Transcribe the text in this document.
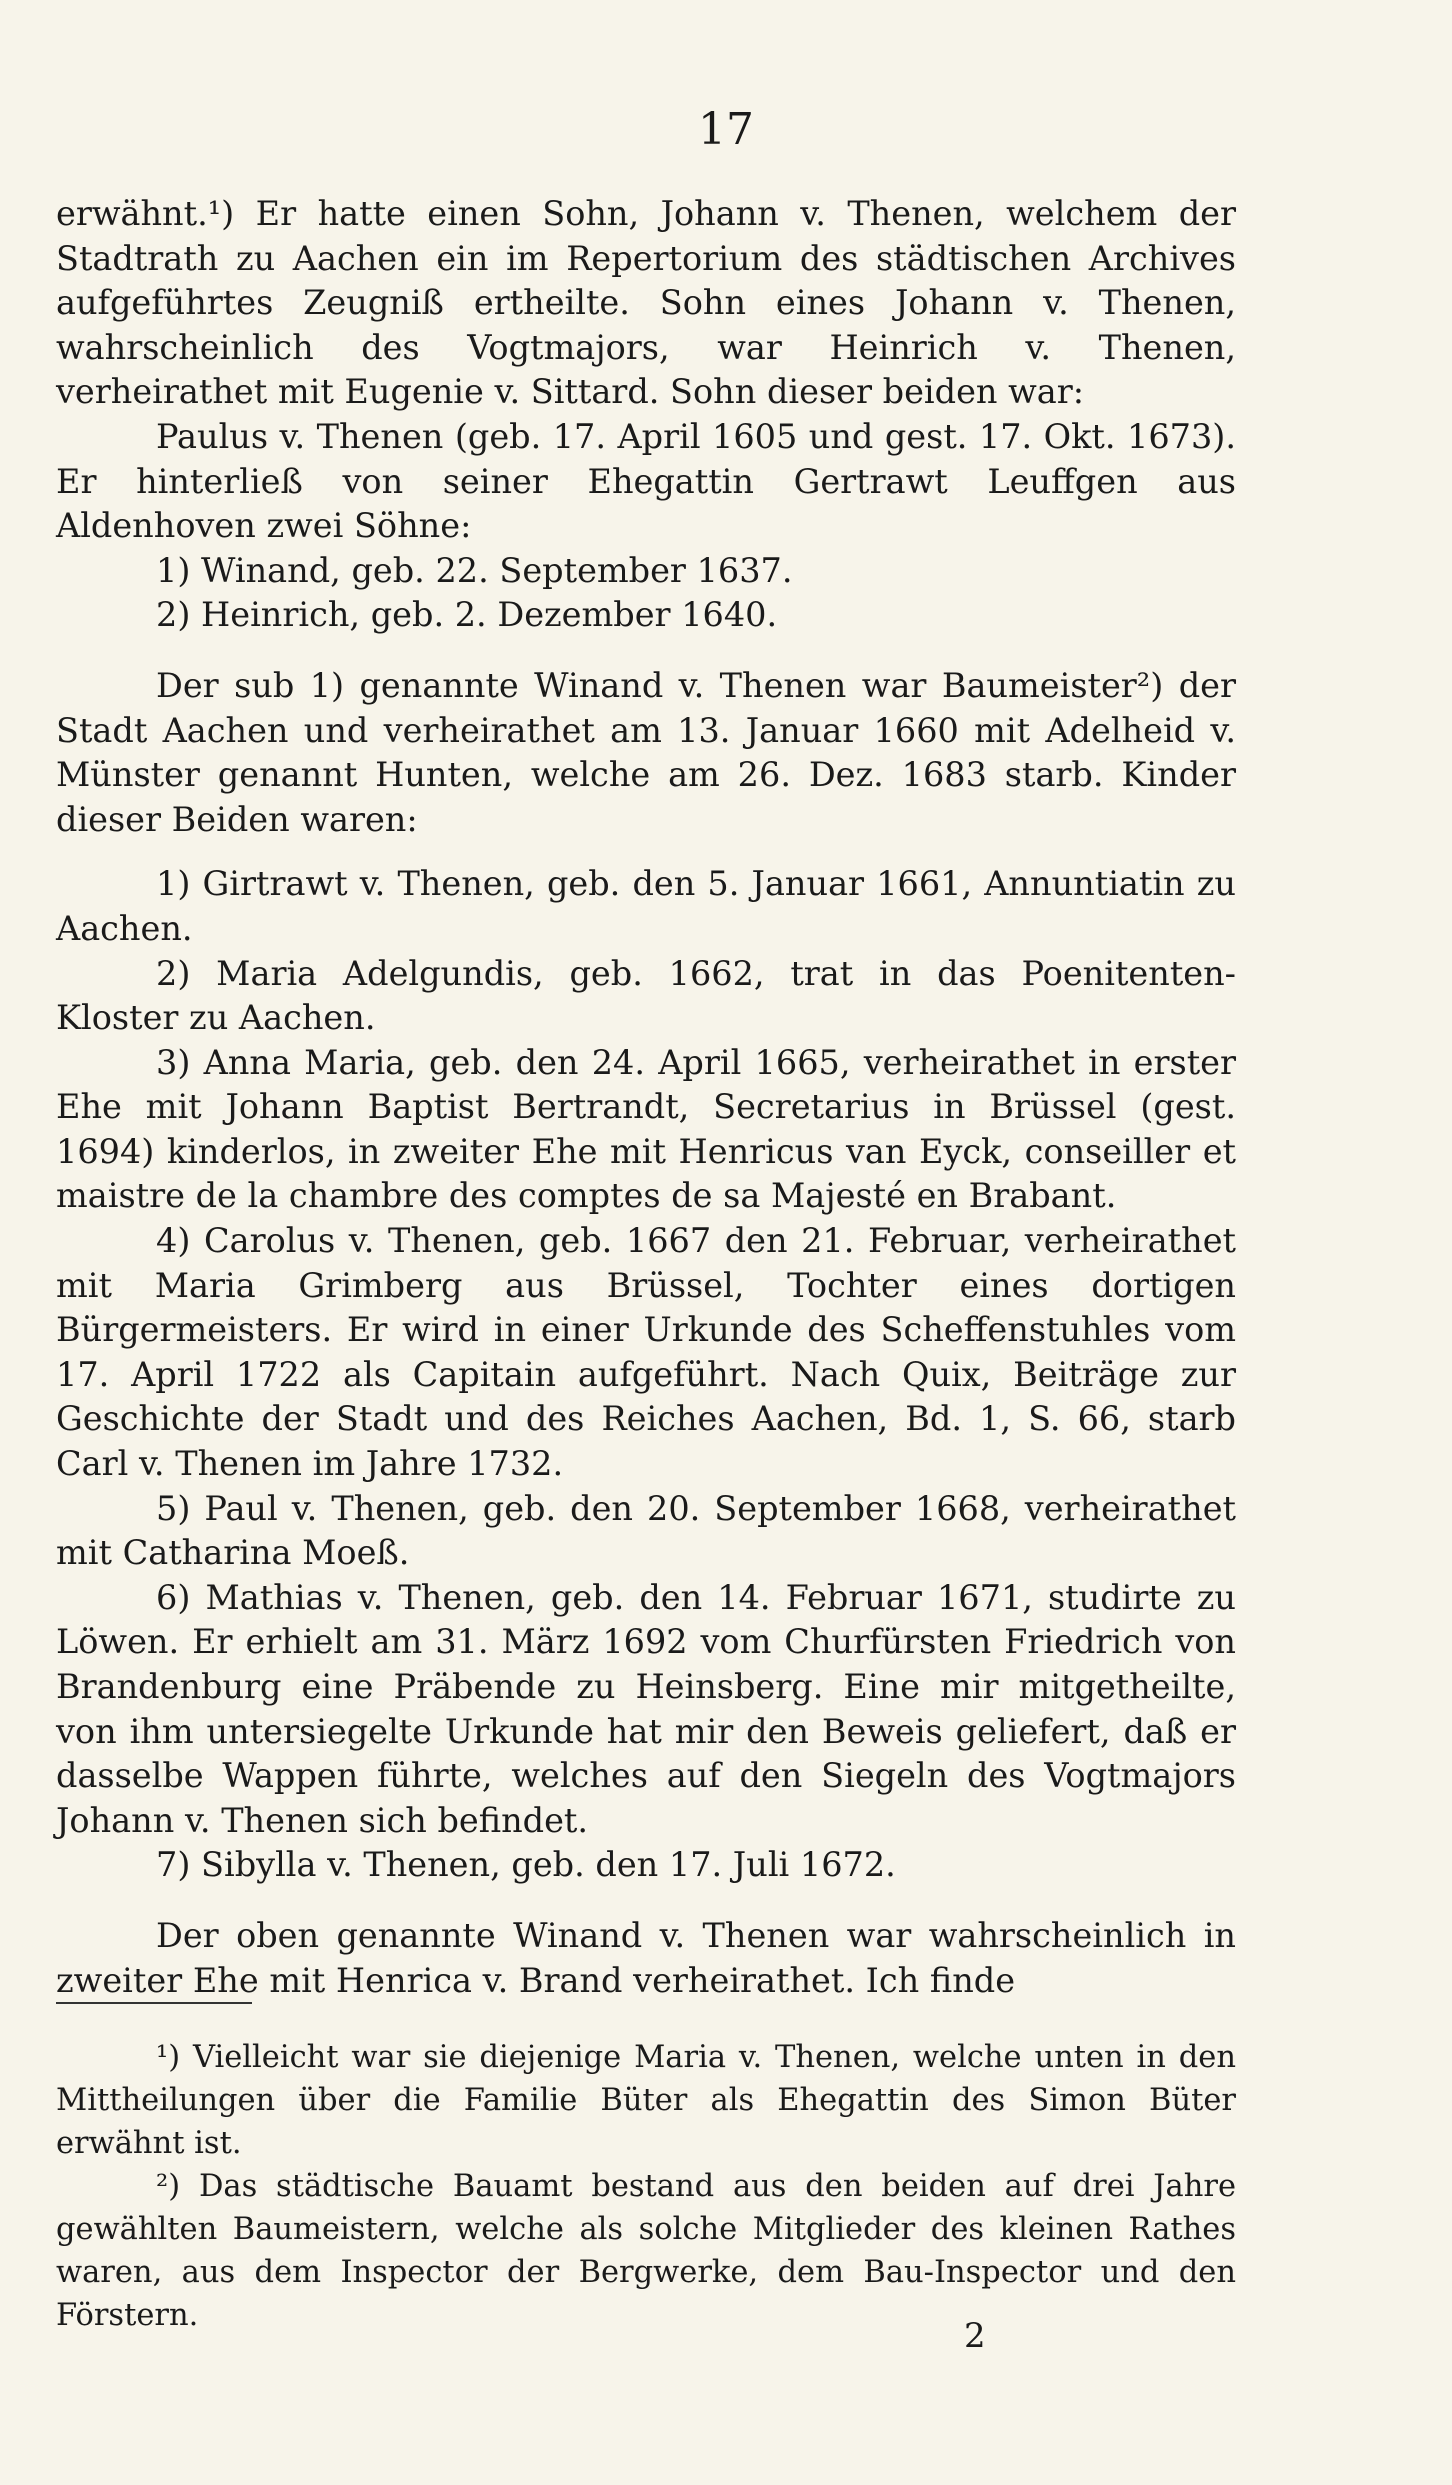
17

erwähnt.¹) Er hatte einen Sohn, Johann v. Thenen, welchem der Stadtrath zu Aachen ein im Repertorium des städtischen Archives aufgeführtes Zeugniß ertheilte. Sohn eines Johann v. Thenen, wahrscheinlich des Vogtmajors, war Heinrich v. Thenen, verheirathet mit Eugenie v. Sittard. Sohn dieser beiden war:

Paulus v. Thenen (geb. 17. April 1605 und gest. 17. Okt. 1673). Er hinterließ von seiner Ehegattin Gertrawt Leuffgen aus Aldenhoven zwei Söhne:

1) Winand, geb. 22. September 1637.

2) Heinrich, geb. 2. Dezember 1640.

Der sub 1) genannte Winand v. Thenen war Baumeister²) der Stadt Aachen und verheirathet am 13. Januar 1660 mit Adelheid v. Münster genannt Hunten, welche am 26. Dez. 1683 starb. Kinder dieser Beiden waren:

1) Girtrawt v. Thenen, geb. den 5. Januar 1661, Annuntiatin zu Aachen.

2) Maria Adelgundis, geb. 1662, trat in das Poenitenten-Kloster zu Aachen.

3) Anna Maria, geb. den 24. April 1665, verheirathet in erster Ehe mit Johann Baptist Bertrandt, Secretarius in Brüssel (gest. 1694) kinderlos, in zweiter Ehe mit Henricus van Eyck, conseiller et maistre de la chambre des comptes de sa Majesté en Brabant.

4) Carolus v. Thenen, geb. 1667 den 21. Februar, verheirathet mit Maria Grimberg aus Brüssel, Tochter eines dortigen Bürgermeisters. Er wird in einer Urkunde des Scheffenstuhles vom 17. April 1722 als Capitain aufgeführt. Nach Quix, Beiträge zur Geschichte der Stadt und des Reiches Aachen, Bd. 1, S. 66, starb Carl v. Thenen im Jahre 1732.

5) Paul v. Thenen, geb. den 20. September 1668, verheirathet mit Catharina Moeß.

6) Mathias v. Thenen, geb. den 14. Februar 1671, studirte zu Löwen. Er erhielt am 31. März 1692 vom Churfürsten Friedrich von Brandenburg eine Präbende zu Heinsberg. Eine mir mitgetheilte, von ihm untersiegelte Urkunde hat mir den Beweis geliefert, daß er dasselbe Wappen führte, welches auf den Siegeln des Vogtmajors Johann v. Thenen sich befindet.

7) Sibylla v. Thenen, geb. den 17. Juli 1672.

Der oben genannte Winand v. Thenen war wahrscheinlich in zweiter Ehe mit Henrica v. Brand verheirathet. Ich finde

¹) Vielleicht war sie diejenige Maria v. Thenen, welche unten in den Mittheilungen über die Familie Büter als Ehegattin des Simon Büter erwähnt ist.

²) Das städtische Bauamt bestand aus den beiden auf drei Jahre gewählten Baumeistern, welche als solche Mitglieder des kleinen Rathes waren, aus dem Inspector der Bergwerke, dem Bau-Inspector und den Förstern.

2
